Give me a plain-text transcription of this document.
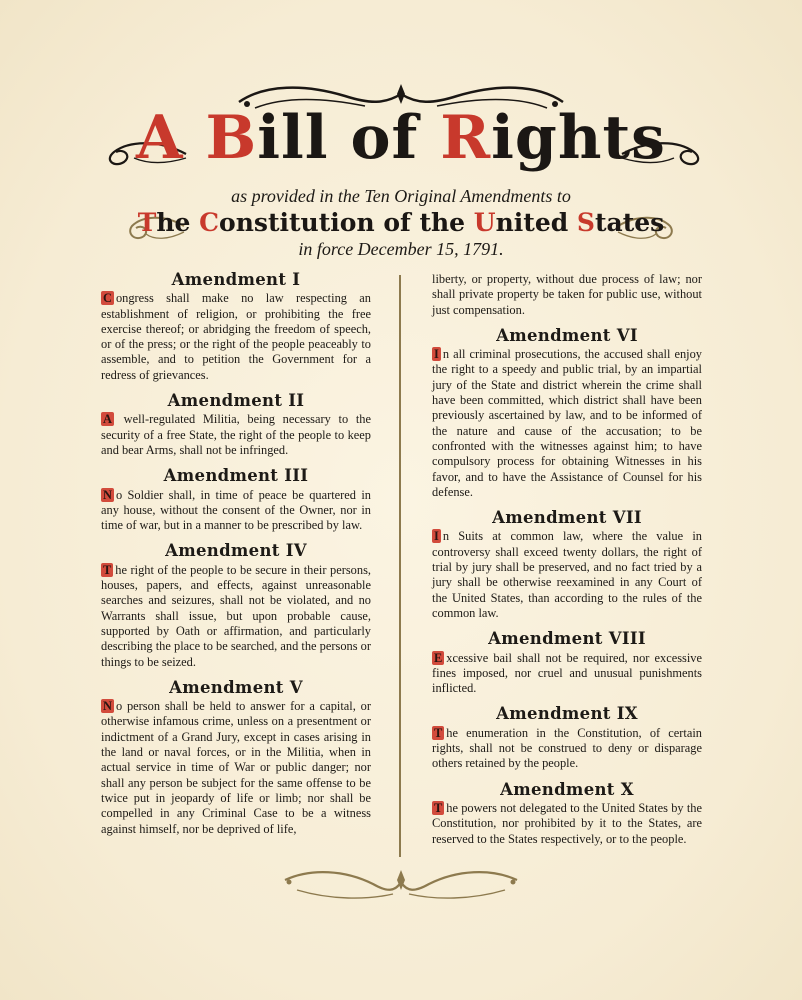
A Bill of Rights
as provided in the Ten Original Amendments to
The Constitution of the United States
in force December 15, 1791.
Amendment I

C ongress shall make no law respecting an establishment of religion, or prohibiting the free exercise thereof; or abridging the freedom of speech, or of the press; or the right of the people peaceably to assemble, and to petition the Government for a redress of grievances.

Amendment II

A well-regulated Militia, being necessary to the security of a free State, the right of the people to keep and bear Arms, shall not be infringed.

Amendment III

N o Soldier shall, in time of peace be quartered in any house, without the consent of the Owner, nor in time of war, but in a manner to be prescribed by law.

Amendment IV

T he right of the people to be secure in their persons, houses, papers, and effects, against unreasonable searches and seizures, shall not be violated, and no Warrants shall issue, but upon probable cause, supported by Oath or affirmation, and particularly describing the place to be searched, and the persons or things to be seized.

Amendment V

N o person shall be held to answer for a capital, or otherwise infamous crime, unless on a presentment or indictment of a Grand Jury, except in cases arising in the land or naval forces, or in the Militia, when in actual service in time of War or public danger; nor shall any person be subject for the same offense to be twice put in jeopardy of life or limb; nor shall be compelled in any Criminal Case to be a witness against himself, nor be deprived of life,

liberty, or property, without due process of law; nor shall private property be taken for public use, without just compensation.

Amendment VI

I n all criminal prosecutions, the accused shall enjoy the right to a speedy and public trial, by an impartial jury of the State and district wherein the crime shall have been committed, which district shall have been previously ascertained by law, and to be informed of the nature and cause of the accusation; to be confronted with the witnesses against him; to have compulsory process for obtaining Witnesses in his favor, and to have the Assistance of Counsel for his defense.

Amendment VII

I n Suits at common law, where the value in controversy shall exceed twenty dollars, the right of trial by jury shall be preserved, and no fact tried by a jury shall be otherwise reexamined in any Court of the United States, than according to the rules of the common law.

Amendment VIII

E xcessive bail shall not be required, nor excessive fines imposed, nor cruel and unusual punishments inflicted.

Amendment IX

T he enumeration in the Constitution, of certain rights, shall not be construed to deny or disparage others retained by the people.

Amendment X

T he powers not delegated to the United States by the Constitution, nor prohibited by it to the States, are reserved to the States respectively, or to the people.
